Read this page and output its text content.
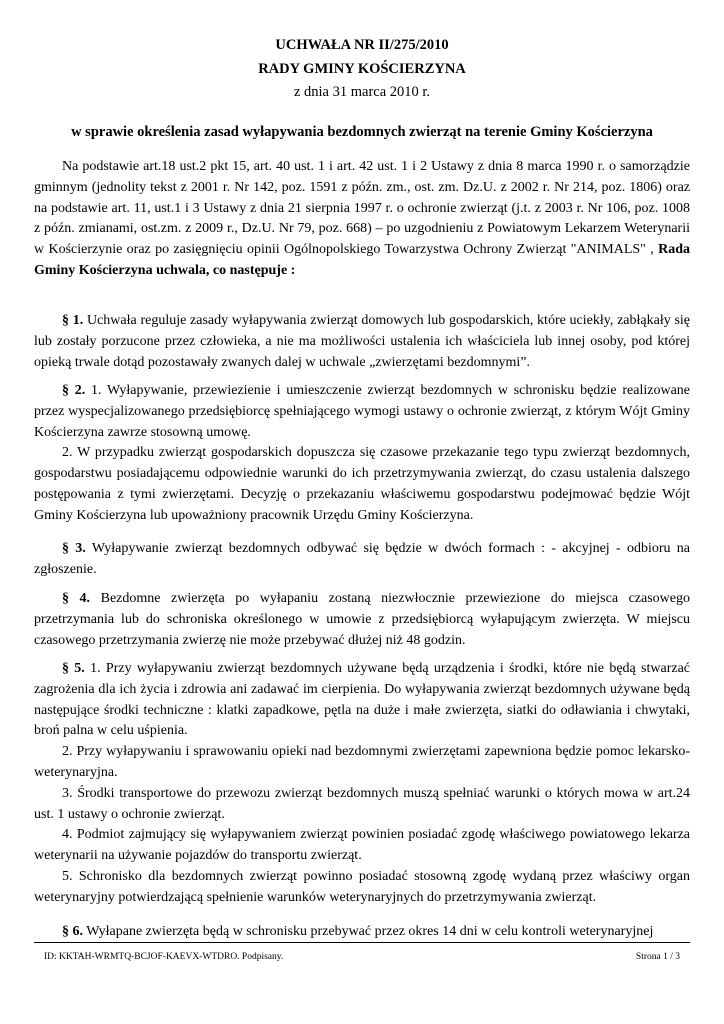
UCHWAŁA NR II/275/2010
RADY GMINY KOŚCIERZYNA
z dnia 31 marca 2010 r.
w sprawie określenia zasad wyłapywania bezdomnych zwierząt na terenie Gminy Kościerzyna

Na podstawie art.18 ust.2 pkt 15, art. 40 ust. 1 i art. 42 ust. 1 i 2 Ustawy z dnia 8 marca 1990 r. o samorządzie gminnym (jednolity tekst z 2001 r. Nr 142, poz. 1591 z późn. zm., ost. zm. Dz.U. z 2002 r. Nr 214, poz. 1806) oraz na podstawie art. 11, ust.1 i 3 Ustawy z dnia 21 sierpnia 1997 r. o ochronie zwierząt (j.t. z 2003 r. Nr 106, poz. 1008 z późn. zmianami, ost.zm. z 2009 r., Dz.U. Nr 79, poz. 668) – po uzgodnieniu z Powiatowym Lekarzem Weterynarii w Kościerzynie oraz po zasięgnięciu opinii Ogólnopolskiego Towarzystwa Ochrony Zwierząt "ANIMALS" , Rada Gminy Kościerzyna uchwala, co następuje :

§ 1. Uchwała reguluje zasady wyłapywania zwierząt domowych lub gospodarskich, które uciekły, zabłąkały się lub zostały porzucone przez człowieka, a nie ma możliwości ustalenia ich właściciela lub innej osoby, pod której opieką trwale dotąd pozostawały zwanych dalej w uchwale „zwierzętami bezdomnymi”.

§ 2. 1. Wyłapywanie, przewiezienie i umieszczenie zwierząt bezdomnych w schronisku będzie realizowane przez wyspecjalizowanego przedsiębiorcę spełniającego wymogi ustawy o ochronie zwierząt, z którym Wójt Gminy Kościerzyna zawrze stosowną umowę.

2. W przypadku zwierząt gospodarskich dopuszcza się czasowe przekazanie tego typu zwierząt bezdomnych, gospodarstwu posiadającemu odpowiednie warunki do ich przetrzymywania zwierząt, do czasu ustalenia dalszego postępowania z tymi zwierzętami. Decyzję o przekazaniu właściwemu gospodarstwu podejmować będzie Wójt Gminy Kościerzyna lub upoważniony pracownik Urzędu Gminy Kościerzyna.

§ 3. Wyłapywanie zwierząt bezdomnych odbywać się będzie w dwóch formach : - akcyjnej - odbioru na zgłoszenie.

§ 4. Bezdomne zwierzęta po wyłapaniu zostaną niezwłocznie przewiezione do miejsca czasowego przetrzymania lub do schroniska określonego w umowie z przedsiębiorcą wyłapującym zwierzęta. W miejscu czasowego przetrzymania zwierzę nie może przebywać dłużej niż 48 godzin.

§ 5. 1. Przy wyłapywaniu zwierząt bezdomnych używane będą urządzenia i środki, które nie będą stwarzać zagrożenia dla ich życia i zdrowia ani zadawać im cierpienia. Do wyłapywania zwierząt bezdomnych używane będą następujące środki techniczne : klatki zapadkowe, pętla na duże i małe zwierzęta, siatki do odławiania i chwytaki, broń palna w celu uśpienia.

2. Przy wyłapywaniu i sprawowaniu opieki nad bezdomnymi zwierzętami zapewniona będzie pomoc lekarsko-weterynaryjna.

3. Środki transportowe do przewozu zwierząt bezdomnych muszą spełniać warunki o których mowa w art.24 ust. 1 ustawy o ochronie zwierząt.

4. Podmiot zajmujący się wyłapywaniem zwierząt powinien posiadać zgodę właściwego powiatowego lekarza weterynarii na używanie pojazdów do transportu zwierząt.

5. Schronisko dla bezdomnych zwierząt powinno posiadać stosowną zgodę wydaną przez właściwy organ weterynaryjny potwierdzającą spełnienie warunków weterynaryjnych do przetrzymywania zwierząt.

§ 6. Wyłapane zwierzęta będą w schronisku przebywać przez okres 14 dni w celu kontroli weterynaryjnej

ID: KKTAH-WRMTQ-BCJOF-KAEVX-WTDRO. Podpisany.	Strona 1 / 3
